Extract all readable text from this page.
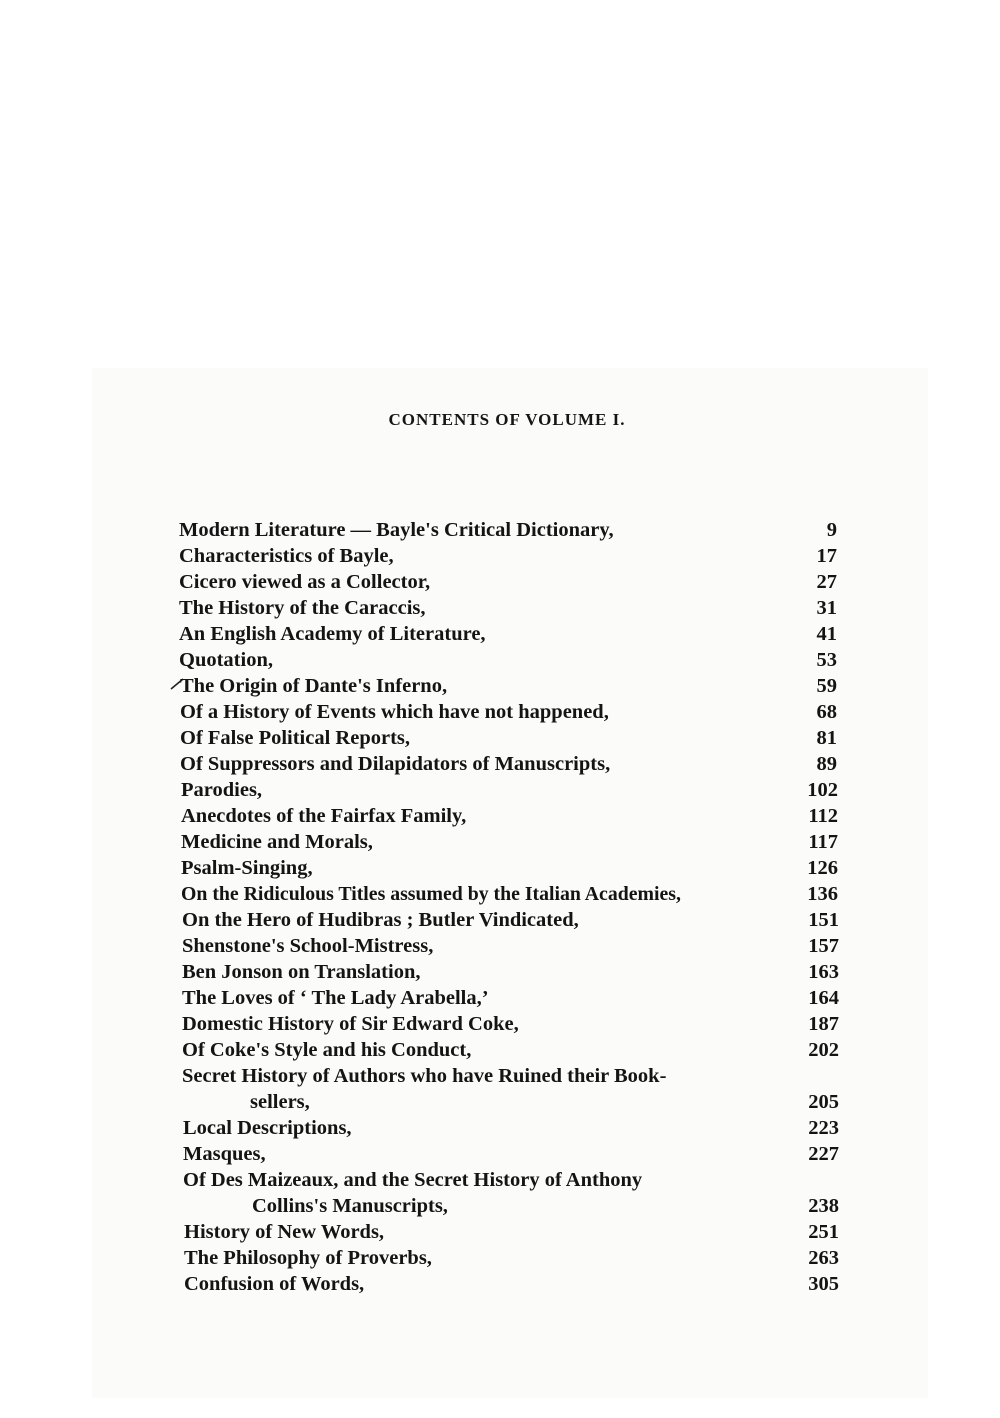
CONTENTS OF VOLUME I.
Modern Literature — Bayle's Critical Dictionary,	9
Characteristics of Bayle,	17
Cicero viewed as a Collector,	27
The History of the Caraccis,	31
An English Academy of Literature,	41
Quotation,	53
The Origin of Dante's Inferno,	59
Of a History of Events which have not happened,	68
Of False Political Reports,	81
Of Suppressors and Dilapidators of Manuscripts,	89
Parodies,	102
Anecdotes of the Fairfax Family,	112
Medicine and Morals,	117
Psalm-Singing,	126
On the Ridiculous Titles assumed by the Italian Academies,	136
On the Hero of Hudibras ; Butler Vindicated,	151
Shenstone's School-Mistress,	157
Ben Jonson on Translation,	163
The Loves of ‘ The Lady Arabella,’	164
Domestic History of Sir Edward Coke,	187
Of Coke's Style and his Conduct,	202
Secret History of Authors who have Ruined their Book-
sellers,	205
Local Descriptions,	223
Masques,	227
Of Des Maizeaux, and the Secret History of Anthony
Collins's Manuscripts,	238
History of New Words,	251
The Philosophy of Proverbs,	263
Confusion of Words,	305
